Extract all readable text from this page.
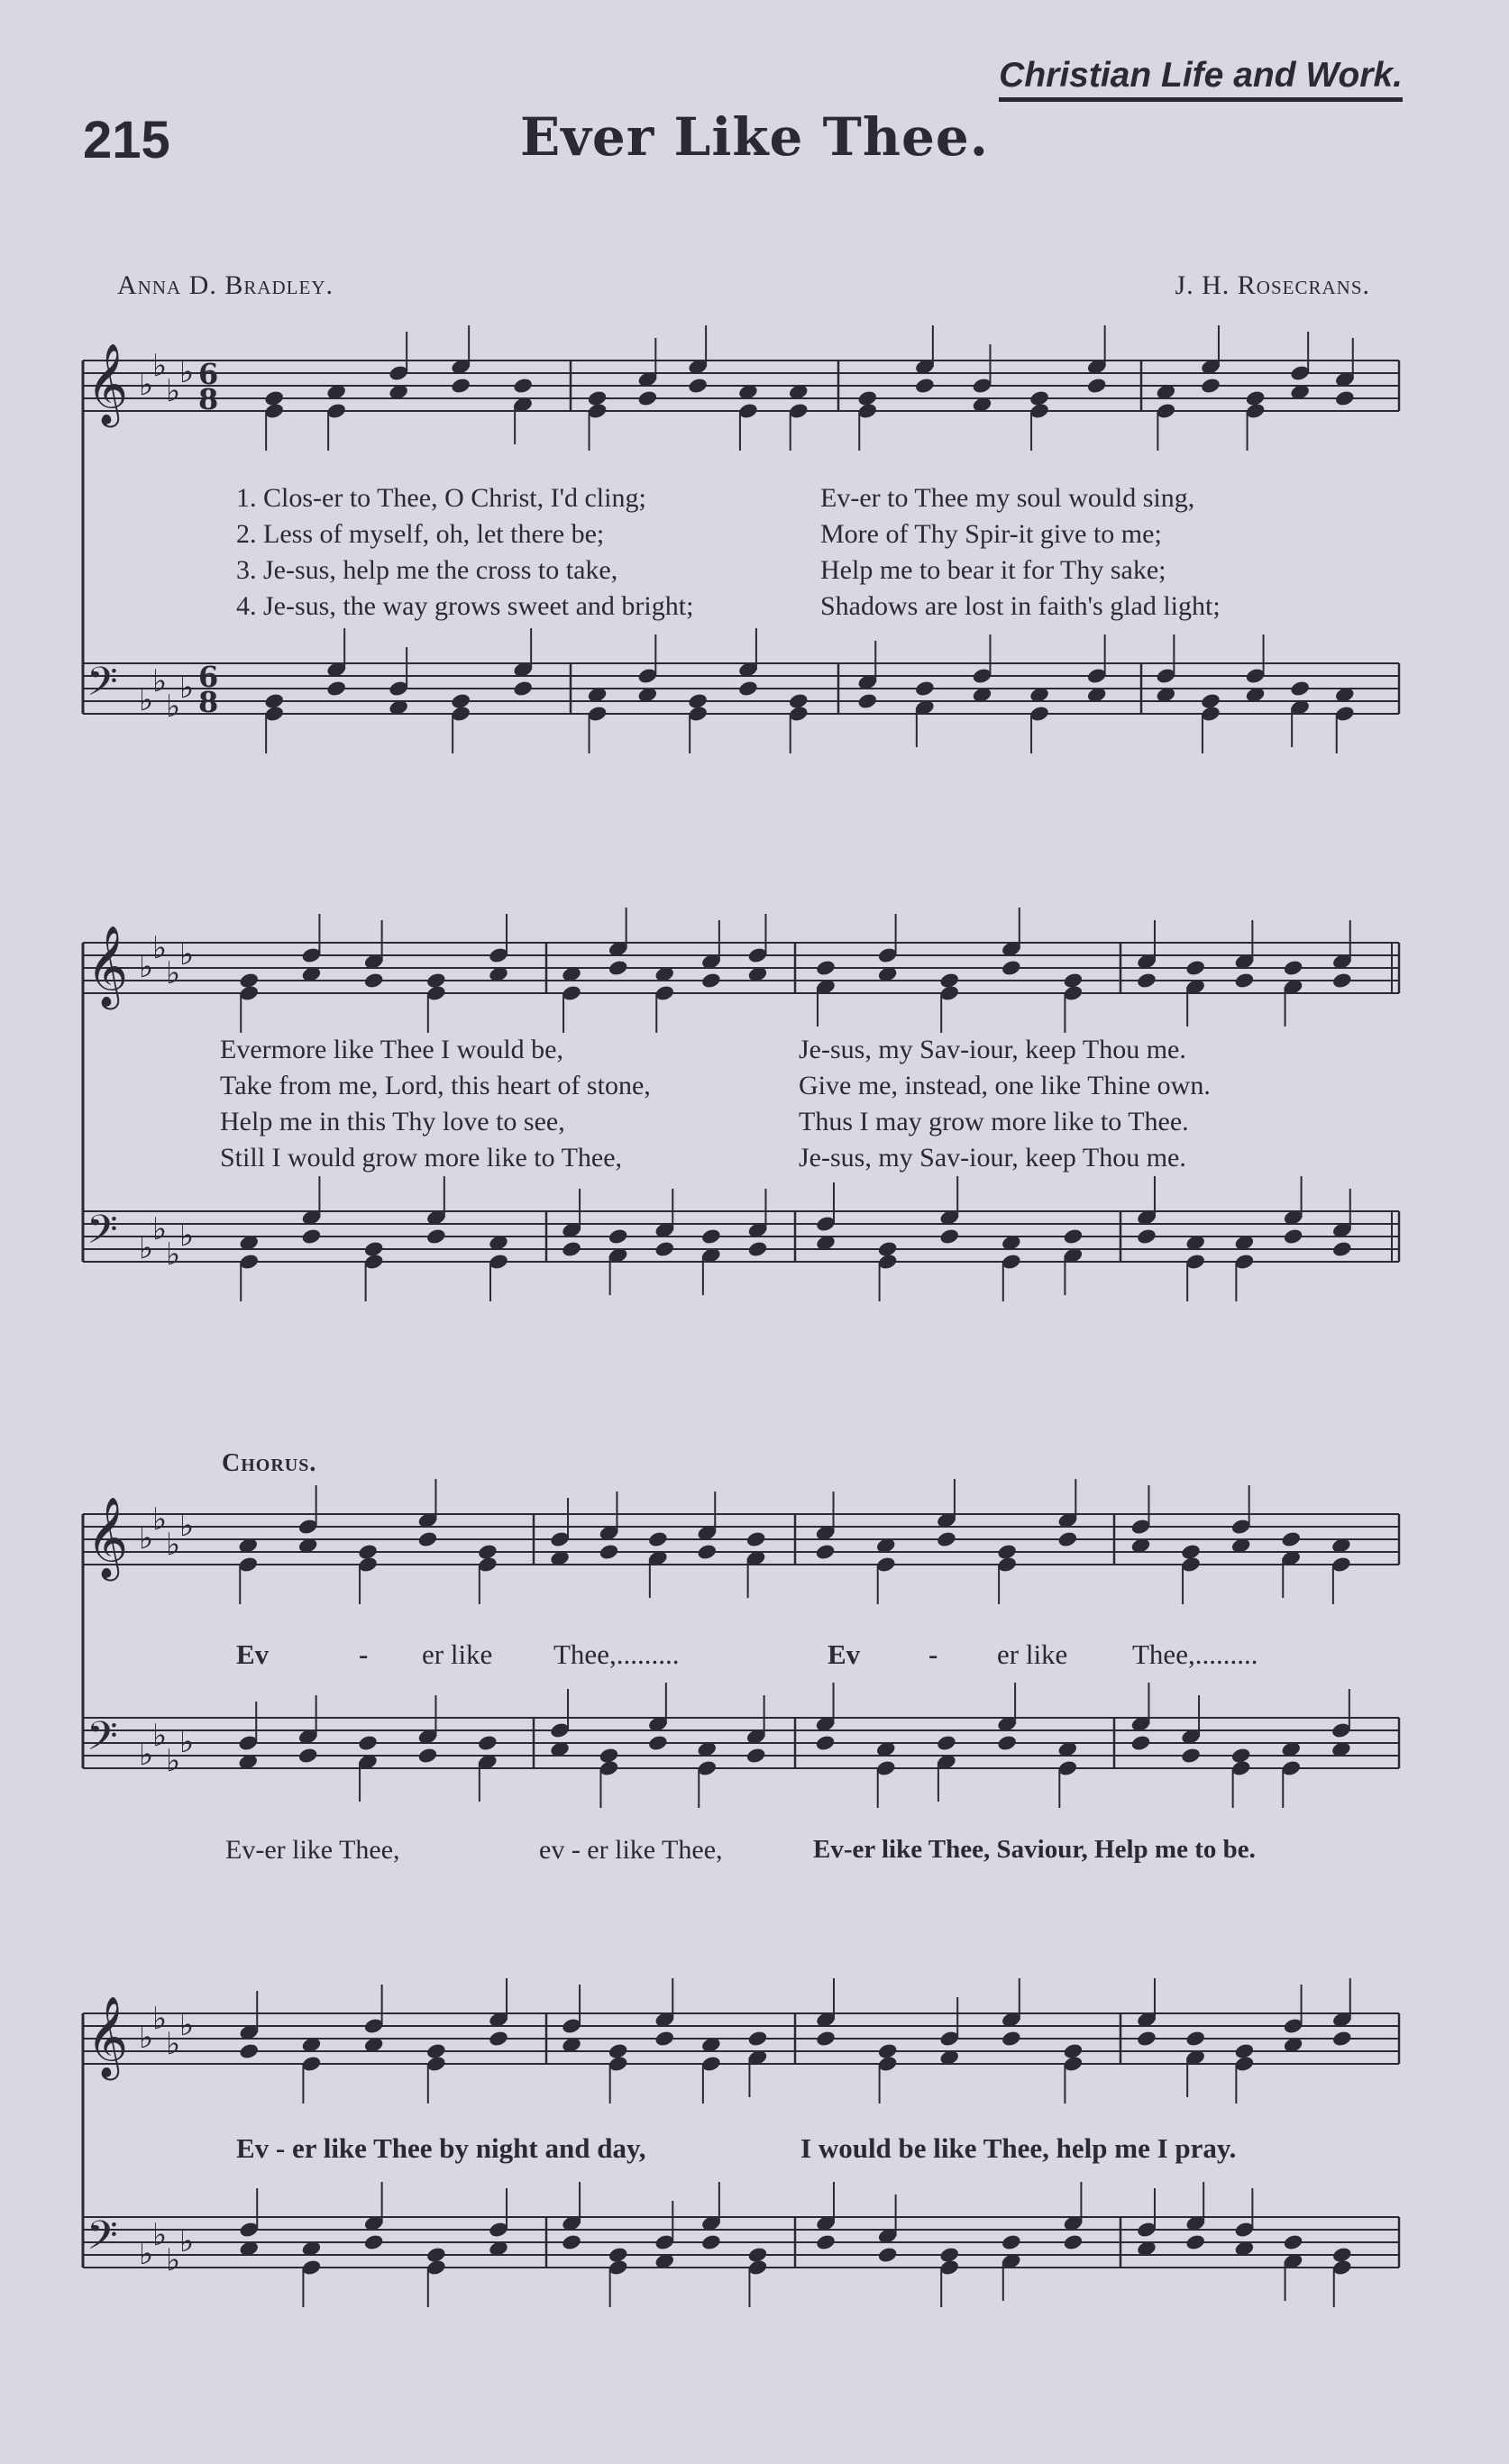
Christian Life and Work.
215	Ever Like Thee.
Anna D. Bradley.	J. H. Rosecrans.
𝄞
𝄢
♭
♭
♭
♭
♭
♭
♭
♭
6
8
6
8
𝄞
𝄢
♭
♭
♭
♭
♭
♭
♭
♭
𝄞
𝄢
♭
♭
♭
♭
♭
♭
♭
♭
𝄞
𝄢
♭
♭
♭
♭
♭
♭
♭
♭
1. Clos-er to Thee, O Christ, I'd cling;
2. Less of myself, oh, let there be;
3. Je-sus, help me the cross to take,
4. Je-sus, the way grows sweet and bright;
Ev-er to Thee my soul would sing,
More of Thy Spir-it give to me;
Help me to bear it for Thy sake;
Shadows are lost in faith's glad light;
Evermore like Thee I would be,
Take from me, Lord, this heart of stone,
Help me in this Thy love to see,
Still I would grow more like to Thee,
Je-sus, my Sav-iour, keep Thou me.
Give me, instead, one like Thine own.
Thus I may grow more like to Thee.
Je-sus, my Sav-iour, keep Thou me.
Chorus.
Ev	- er like Thee,.........	Ev - er like Thee,.........
Ev-er like Thee,	ev - er like Thee,	Ev-er like Thee, Saviour, Help me to be.
Ev - er like Thee by night and day,	I would be like Thee, help me I pray.
